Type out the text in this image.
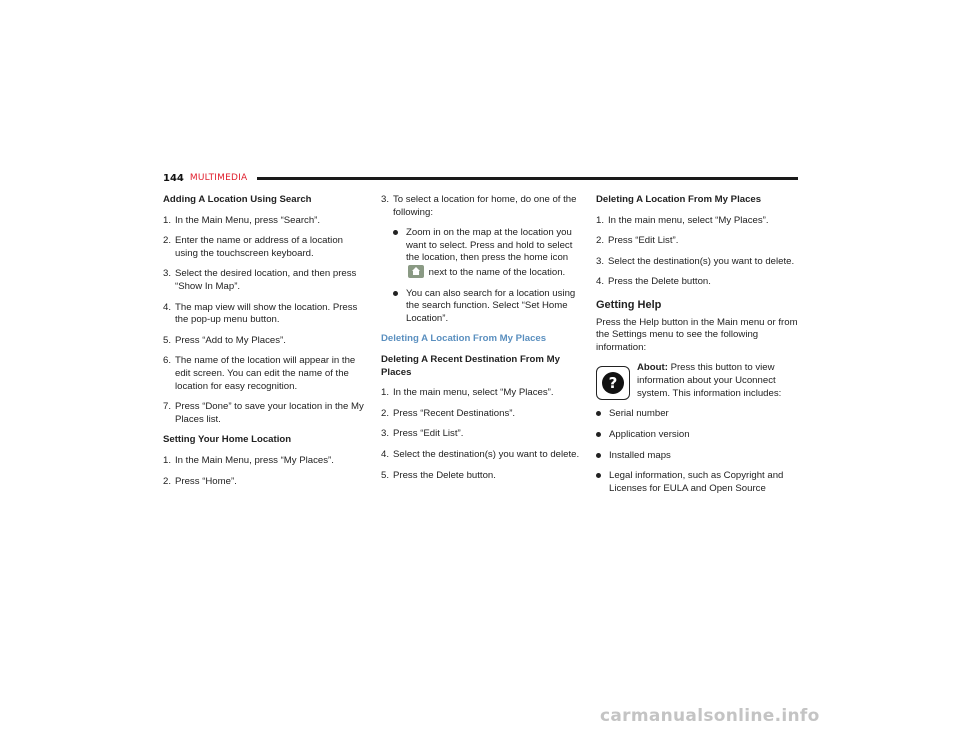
144 MULTIMEDIA
Adding A Location Using Search
1. In the Main Menu, press “Search”.
2. Enter the name or address of a location using the touchscreen keyboard.
3. Select the desired location, and then press “Show In Map”.
4. The map view will show the location. Press the pop-up menu button.
5. Press “Add to My Places”.
6. The name of the location will appear in the edit screen. You can edit the name of the location for easy recognition.
7. Press “Done” to save your location in the My Places list.
Setting Your Home Location
1. In the Main Menu, press “My Places”.
2. Press “Home”.
3. To select a location for home, do one of the following:
Zoom in on the map at the location you want to select. Press and hold to select the location, then press the home icon  next to the name of the location.
You can also search for a location using the search function. Select “Set Home Location”.
Deleting A Location From My Places
Deleting A Recent Destination From My Places
1. In the main menu, select “My Places”.
2. Press “Recent Destinations”.
3. Press “Edit List”.
4. Select the destination(s) you want to delete.
5. Press the Delete button.
Deleting A Location From My Places
1. In the main menu, select “My Places”.
2. Press “Edit List”.
3. Select the destination(s) you want to delete.
4. Press the Delete button.
Getting Help
Press the Help button in the Main menu or from the Settings menu to see the following information:
?
About: Press this button to view information about your Uconnect system. This information includes:
Serial number
Application version
Installed maps
Legal information, such as Copyright and Licenses for EULA and Open Source
carmanualsonline.info
